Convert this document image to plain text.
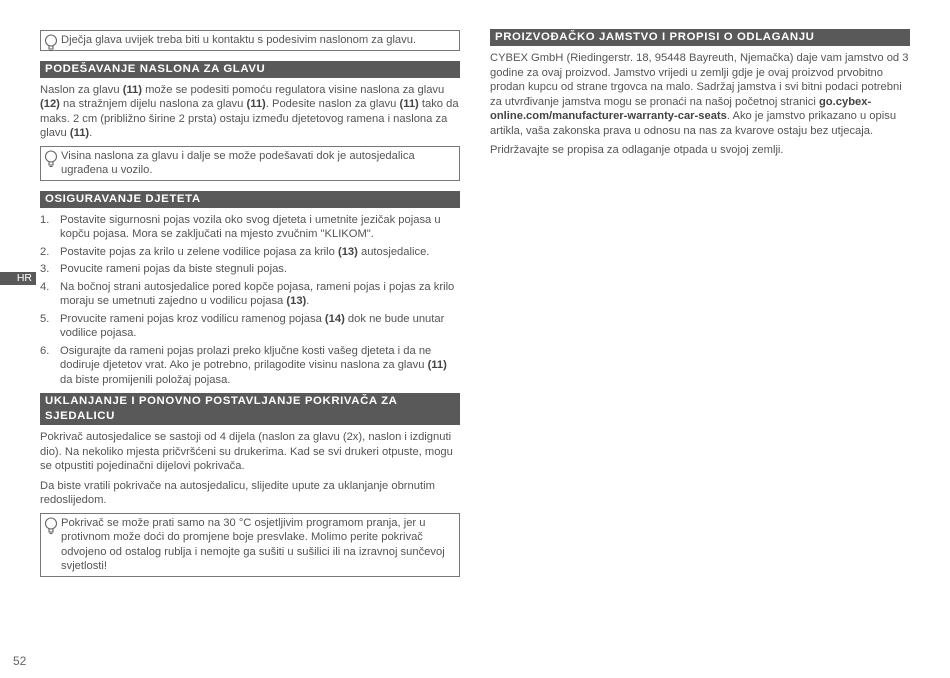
HR
52
Dječja glava uvijek treba biti u kontaktu s podesivim naslonom za glavu.
PODEŠAVANJE NASLONA ZA GLAVU

Naslon za glavu (11) može se podesiti pomoću regulatora visine naslona za glavu (12) na stražnjem dijelu naslona za glavu (11). Podesite naslon za glavu (11) tako da maks. 2 cm (približno širine 2 prsta) ostaju između djetetovog ramena i naslona za glavu (11).

Visina naslona za glavu i dalje se može podešavati dok je autosjedalica ugrađena u vozilo.
OSIGURAVANJE DJETETA
1. Postavite sigurnosni pojas vozila oko svog djeteta i umetnite jezičak pojasa u kopču pojasa. Mora se zaključati na mjesto zvučnim "KLIKOM".
2. Postavite pojas za krilo u zelene vodilice pojasa za krilo (13) autosjedalice.
3. Povucite rameni pojas da biste stegnuli pojas.
4. Na bočnoj strani autosjedalice pored kopče pojasa, rameni pojas i pojas za krilo moraju se umetnuti zajedno u vodilicu pojasa (13).
5. Provucite rameni pojas kroz vodilicu ramenog pojasa (14) dok ne bude unutar vodilice pojasa.
6. Osigurajte da rameni pojas prolazi preko ključne kosti vašeg djeteta i da ne dodiruje djetetov vrat. Ako je potrebno, prilagodite visinu naslona za glavu (11) da biste promijenili položaj pojasa.
UKLANJANJE I PONOVNO POSTAVLJANJE POKRIVAČA ZA SJEDALICU

Pokrivač autosjedalice se sastoji od 4 dijela (naslon za glavu (2x), naslon i izdignuti dio). Na nekoliko mjesta pričvršćeni su drukerima. Kad se svi drukeri otpuste, mogu se otpustiti pojedinačni dijelovi pokrivača.

Da biste vratili pokrivače na autosjedalicu, slijedite upute za uklanjanje obrnutim redoslijedom.

Pokrivač se može prati samo na 30 °C osjetljivim programom pranja, jer u protivnom može doći do promjene boje presvlake. Molimo perite pokrivač odvojeno od ostalog rublja i nemojte ga sušiti u sušilici ili na izravnoj sunčevoj svjetlosti!
PROIZVOĐAČKO JAMSTVO I PROPISI O ODLAGANJU

CYBEX GmbH (Riedingerstr. 18, 95448 Bayreuth, Njemačka) daje vam jamstvo od 3 godine za ovaj proizvod. Jamstvo vrijedi u zemlji gdje je ovaj proizvod prvobitno prodan kupcu od strane trgovca na malo. Sadržaj jamstva i svi bitni podaci potrebni za utvrđivanje jamstva mogu se pronaći na našoj početnoj stranici go.cybex-online.com/manufacturer-warranty-car-seats. Ako je jamstvo prikazano u opisu artikla, vaša zakonska prava u odnosu na nas za kvarove ostaju bez utjecaja.

Pridržavajte se propisa za odlaganje otpada u svojoj zemlji.
